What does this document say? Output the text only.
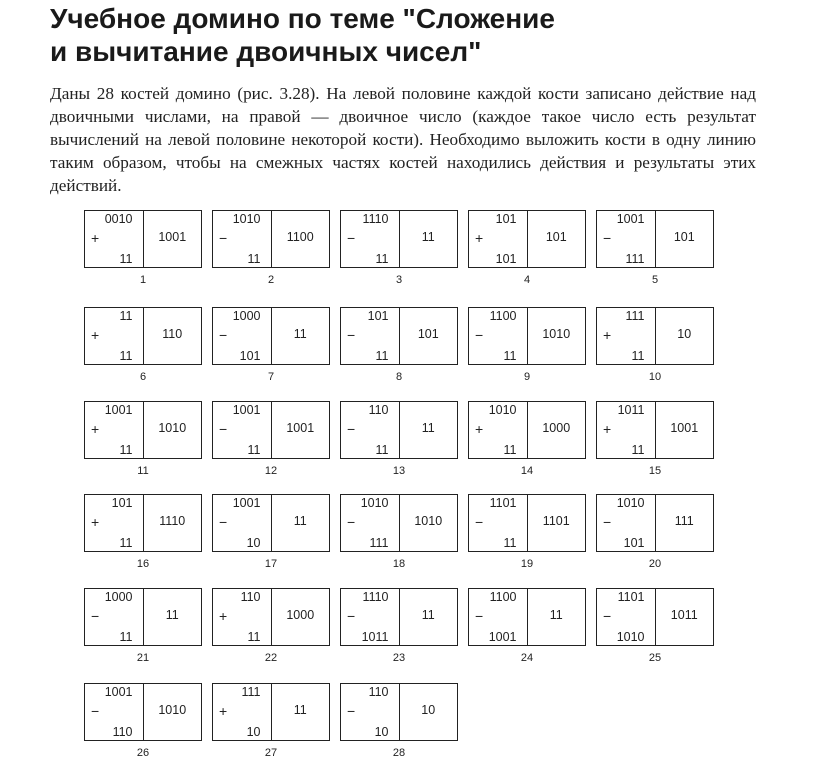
Учебное домино по теме "Сложение
и вычитание двоичных чисел"

Даны 28 костей домино (рис. 3.28). На левой половине каждой кости записано действие над двоичными числами, на правой — двоичное число (каждое такое число есть результат вычислений на левой половине некоторой кости). Необходимо выложить кости в одну линию таким образом, чтобы на смежных частях костей находились действия и результаты этих действий.

0010
+
11
1001
1
1010
−
11
1100
2
1110
−
11
11
3
101
+
101
101
4
1001
−
111
101
5
11
+
11
110
6
1000
−
101
11
7
101
−
11
101
8
1100
−
11
1010
9
111
+
11
10
10
1001
+
11
1010
11
1001
−
11
1001
12
110
−
11
11
13
1010
+
11
1000
14
1011
+
11
1001
15
101
+
11
1110
16
1001
−
10
11
17
1010
−
111
1010
18
1101
−
11
1101
19
1010
−
101
111
20
1000
−
11
11
21
110
+
11
1000
22
1110
−
1011
11
23
1100
−
1001
11
24
1101
−
1010
1011
25
1001
−
110
1010
26
111
+
10
11
27
110
−
10
10
28
